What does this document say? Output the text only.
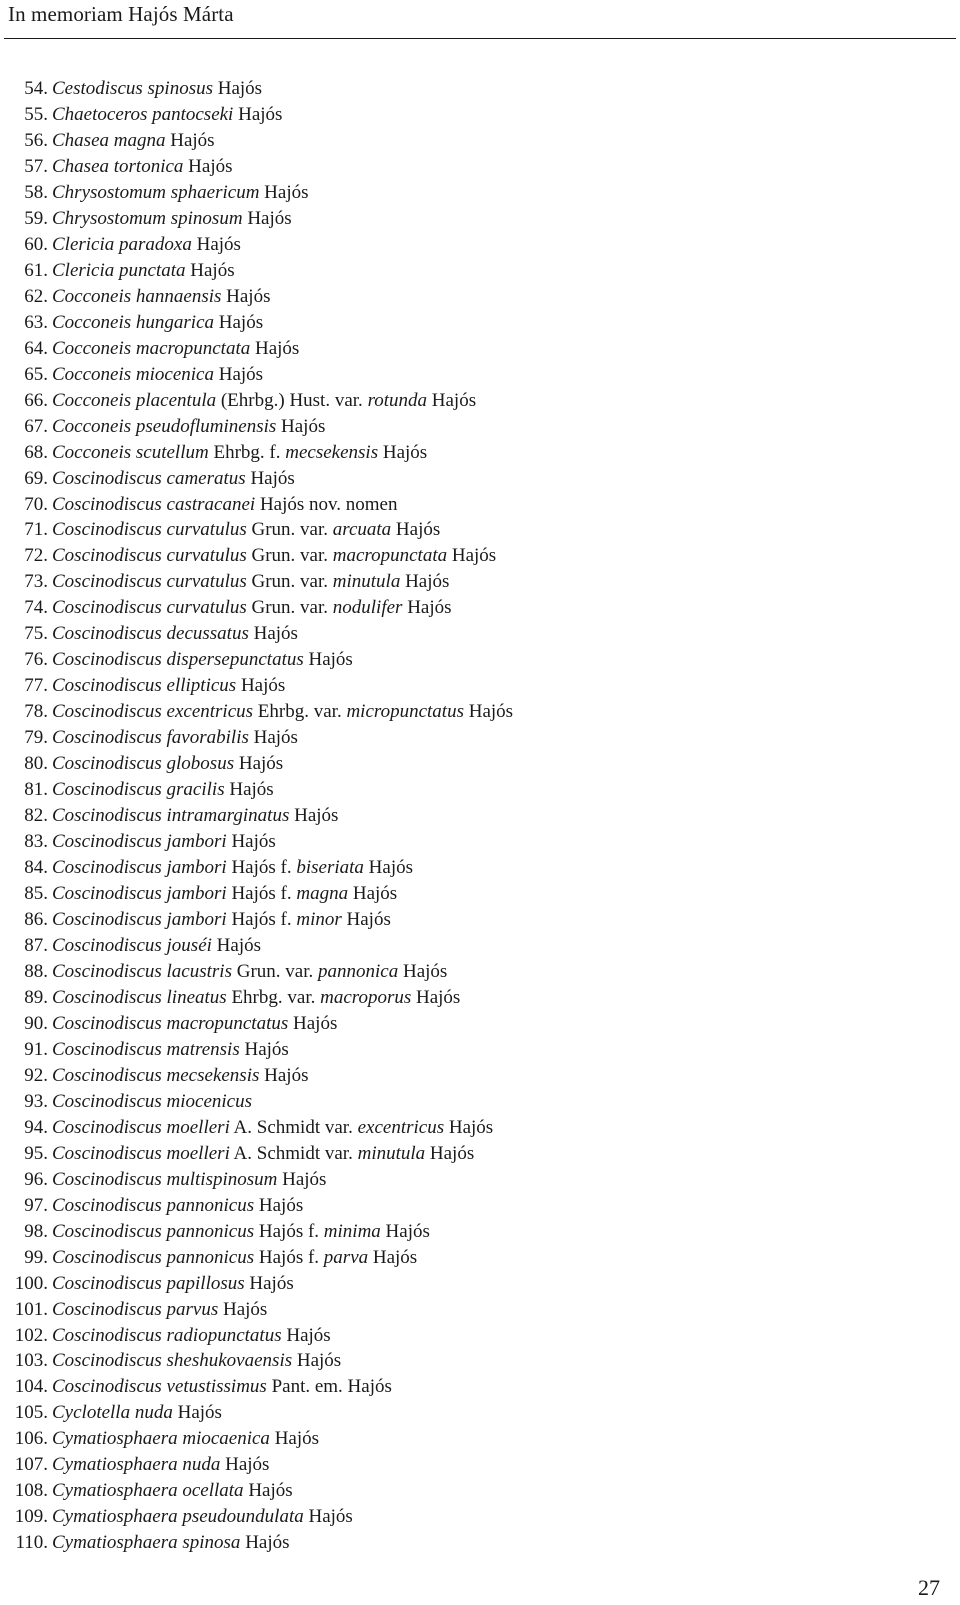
In memoriam Hajós Márta
54. Cestodiscus spinosus Hajós
55. Chaetoceros pantocseki Hajós
56. Chasea magna Hajós
57. Chasea tortonica Hajós
58. Chrysostomum sphaericum Hajós
59. Chrysostomum spinosum Hajós
60. Clericia paradoxa Hajós
61. Clericia punctata Hajós
62. Cocconeis hannaensis Hajós
63. Cocconeis hungarica Hajós
64. Cocconeis macropunctata Hajós
65. Cocconeis miocenica Hajós
66. Cocconeis placentula (Ehrbg.) Hust. var. rotunda Hajós
67. Cocconeis pseudofluminensis Hajós
68. Cocconeis scutellum Ehrbg. f. mecsekensis Hajós
69. Coscinodiscus cameratus Hajós
70. Coscinodiscus castracanei Hajós nov. nomen
71. Coscinodiscus curvatulus Grun. var. arcuata Hajós
72. Coscinodiscus curvatulus Grun. var. macropunctata Hajós
73. Coscinodiscus curvatulus Grun. var. minutula Hajós
74. Coscinodiscus curvatulus Grun. var. nodulifer Hajós
75. Coscinodiscus decussatus Hajós
76. Coscinodiscus dispersepunctatus Hajós
77. Coscinodiscus ellipticus Hajós
78. Coscinodiscus excentricus Ehrbg. var. micropunctatus Hajós
79. Coscinodiscus favorabilis Hajós
80. Coscinodiscus globosus Hajós
81. Coscinodiscus gracilis Hajós
82. Coscinodiscus intramarginatus Hajós
83. Coscinodiscus jambori Hajós
84. Coscinodiscus jambori Hajós f. biseriata Hajós
85. Coscinodiscus jambori Hajós f. magna Hajós
86. Coscinodiscus jambori Hajós f. minor Hajós
87. Coscinodiscus jouséi Hajós
88. Coscinodiscus lacustris Grun. var. pannonica Hajós
89. Coscinodiscus lineatus Ehrbg. var. macroporus Hajós
90. Coscinodiscus macropunctatus Hajós
91. Coscinodiscus matrensis Hajós
92. Coscinodiscus mecsekensis Hajós
93. Coscinodiscus miocenicus
94. Coscinodiscus moelleri A. Schmidt var. excentricus Hajós
95. Coscinodiscus moelleri A. Schmidt var. minutula Hajós
96. Coscinodiscus multispinosum Hajós
97. Coscinodiscus pannonicus Hajós
98. Coscinodiscus pannonicus Hajós f. minima Hajós
99. Coscinodiscus pannonicus Hajós f. parva Hajós
100. Coscinodiscus papillosus Hajós
101. Coscinodiscus parvus Hajós
102. Coscinodiscus radiopunctatus Hajós
103. Coscinodiscus sheshukovaensis Hajós
104. Coscinodiscus vetustissimus Pant. em. Hajós
105. Cyclotella nuda Hajós
106. Cymatiosphaera miocaenica Hajós
107. Cymatiosphaera nuda Hajós
108. Cymatiosphaera ocellata Hajós
109. Cymatiosphaera pseudoundulata Hajós
110. Cymatiosphaera spinosa Hajós
27
